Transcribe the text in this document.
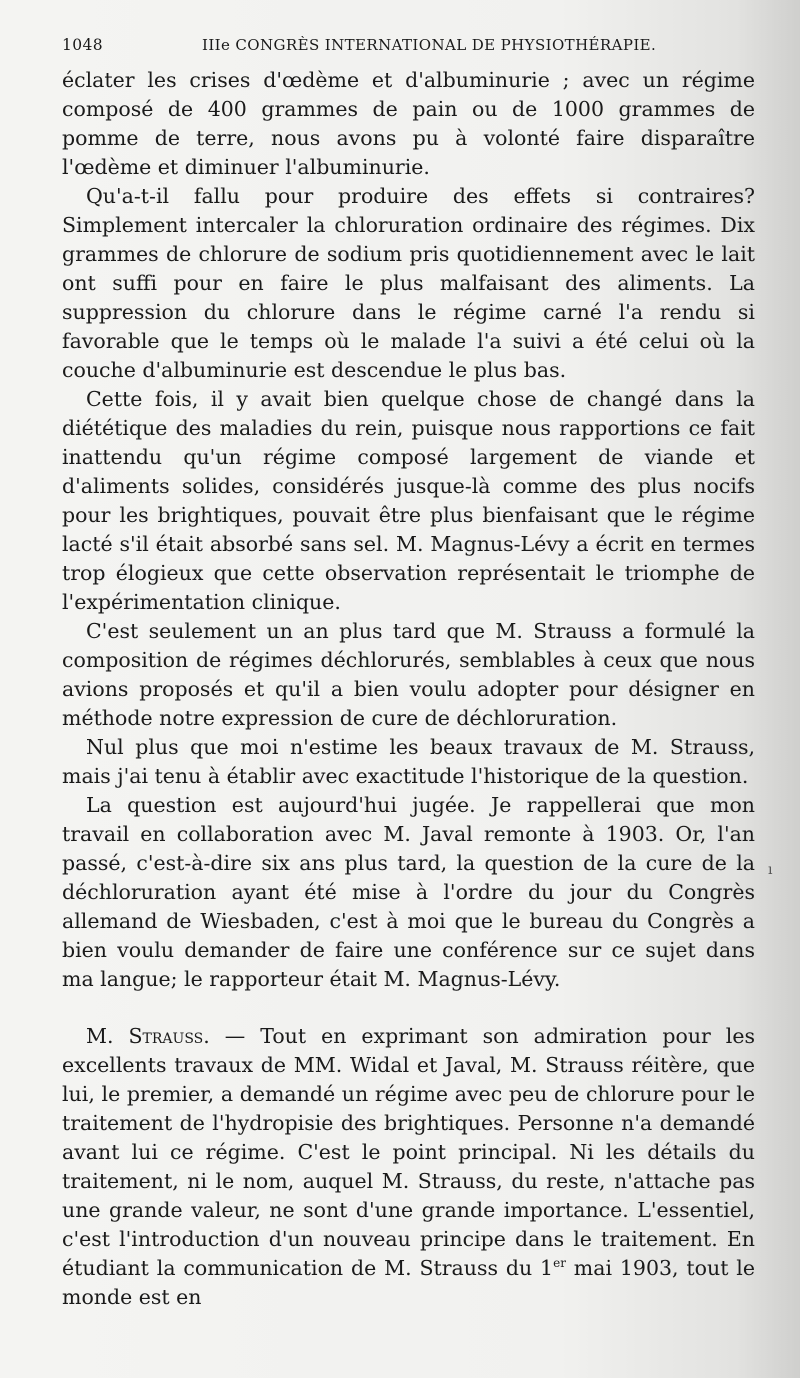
1048	IIIe CONGRÈS INTERNATIONAL DE PHYSIOTHÉRAPIE.

éclater les crises d'œdème et d'albuminurie ; avec un régime composé de 400 grammes de pain ou de 1000 grammes de pomme de terre, nous avons pu à volonté faire disparaître l'œdème et diminuer l'albuminurie.

Qu'a-t-il fallu pour produire des effets si contraires? Simplement intercaler la chloruration ordinaire des régimes. Dix grammes de chlorure de sodium pris quotidiennement avec le lait ont suffi pour en faire le plus malfaisant des aliments. La suppression du chlorure dans le régime carné l'a rendu si favorable que le temps où le malade l'a suivi a été celui où la couche d'albuminurie est descendue le plus bas.

Cette fois, il y avait bien quelque chose de changé dans la diététique des maladies du rein, puisque nous rapportions ce fait inattendu qu'un régime composé largement de viande et d'aliments solides, considérés jusque-là comme des plus nocifs pour les brightiques, pouvait être plus bienfaisant que le régime lacté s'il était absorbé sans sel. M. Magnus-Lévy a écrit en termes trop élogieux que cette observation représentait le triomphe de l'expérimentation clinique.

C'est seulement un an plus tard que M. Strauss a formulé la composition de régimes déchlorurés, semblables à ceux que nous avions proposés et qu'il a bien voulu adopter pour désigner en méthode notre expression de cure de déchloruration.

Nul plus que moi n'estime les beaux travaux de M. Strauss, mais j'ai tenu à établir avec exactitude l'historique de la question.

La question est aujourd'hui jugée. Je rappellerai que mon travail en collaboration avec M. Javal remonte à 1903. Or, l'an passé, c'est-à-dire six ans plus tard, la question de la cure de la déchloruration ayant été mise à l'ordre du jour du Congrès allemand de Wiesbaden, c'est à moi que le bureau du Congrès a bien voulu demander de faire une conférence sur ce sujet dans ma langue; le rapporteur était M. Magnus-Lévy.

M. Strauss. — Tout en exprimant son admiration pour les excellents travaux de MM. Widal et Javal, M. Strauss réitère, que lui, le premier, a demandé un régime avec peu de chlorure pour le traitement de l'hydropisie des brightiques. Personne n'a demandé avant lui ce régime. C'est le point principal. Ni les détails du traitement, ni le nom, auquel M. Strauss, du reste, n'attache pas une grande valeur, ne sont d'une grande importance. L'essentiel, c'est l'introduction d'un nouveau principe dans le traitement. En étudiant la communication de M. Strauss du 1er mai 1903, tout le monde est en

ı
